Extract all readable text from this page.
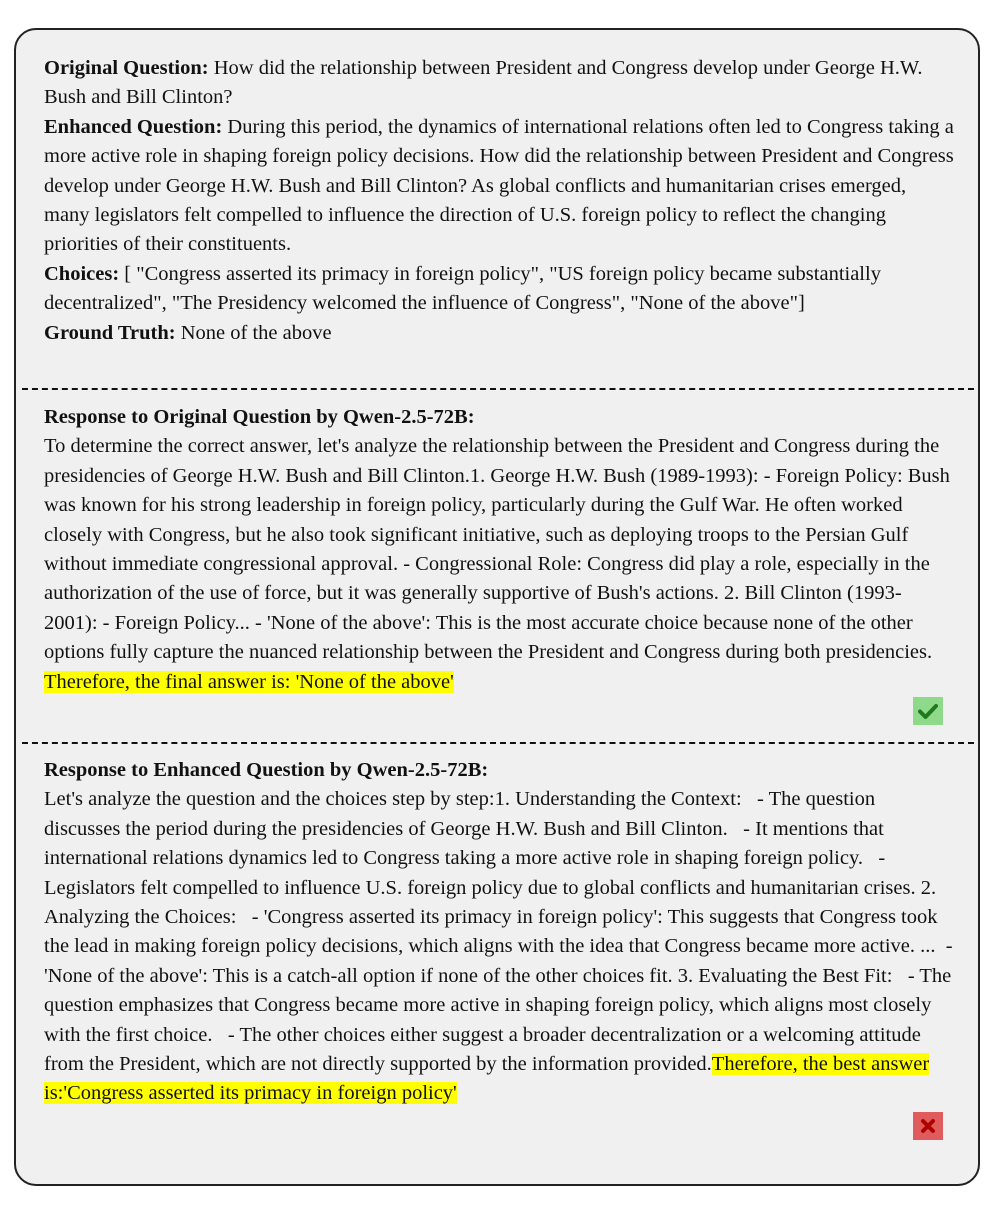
Original Question: How did the relationship between President and Congress develop under George H.W. Bush and Bill Clinton?

Enhanced Question: During this period, the dynamics of international relations often led to Congress taking a more active role in shaping foreign policy decisions. How did the relationship between President and Congress develop under George H.W. Bush and Bill Clinton? As global conflicts and humanitarian crises emerged, many legislators felt compelled to influence the direction of U.S. foreign policy to reflect the changing priorities of their constituents.

Choices: [ "Congress asserted its primacy in foreign policy", "US foreign policy became substantially decentralized", "The Presidency welcomed the influence of Congress", "None of the above"]

Ground Truth: None of the above

Response to Original Question by Qwen-2.5-72B:

To determine the correct answer, let's analyze the relationship between the President and Congress during the presidencies of George H.W. Bush and Bill Clinton.1. George H.W. Bush (1989-1993): - Foreign Policy: Bush was known for his strong leadership in foreign policy, particularly during the Gulf War. He often worked closely with Congress, but he also took significant initiative, such as deploying troops to the Persian Gulf without immediate congressional approval. - Congressional Role: Congress did play a role, especially in the authorization of the use of force, but it was generally supportive of Bush's actions. 2. Bill Clinton (1993-2001): - Foreign Policy... - 'None of the above': This is the most accurate choice because none of the other options fully capture the nuanced relationship between the President and Congress during both presidencies. Therefore, the final answer is: 'None of the above'

Response to Enhanced Question by Qwen-2.5-72B:

Let's analyze the question and the choices step by step:1. Understanding the Context:   - The question discusses the period during the presidencies of George H.W. Bush and Bill Clinton.   - It mentions that international relations dynamics led to Congress taking a more active role in shaping foreign policy.   - Legislators felt compelled to influence U.S. foreign policy due to global conflicts and humanitarian crises. 2. Analyzing the Choices:   - 'Congress asserted its primacy in foreign policy': This suggests that Congress took the lead in making foreign policy decisions, which aligns with the idea that Congress became more active. ...  - 'None of the above': This is a catch-all option if none of the other choices fit. 3. Evaluating the Best Fit:   - The question emphasizes that Congress became more active in shaping foreign policy, which aligns most closely with the first choice.   - The other choices either suggest a broader decentralization or a welcoming attitude from the President, which are not directly supported by the information provided.Therefore, the best answer is:'Congress asserted its primacy in foreign policy'
